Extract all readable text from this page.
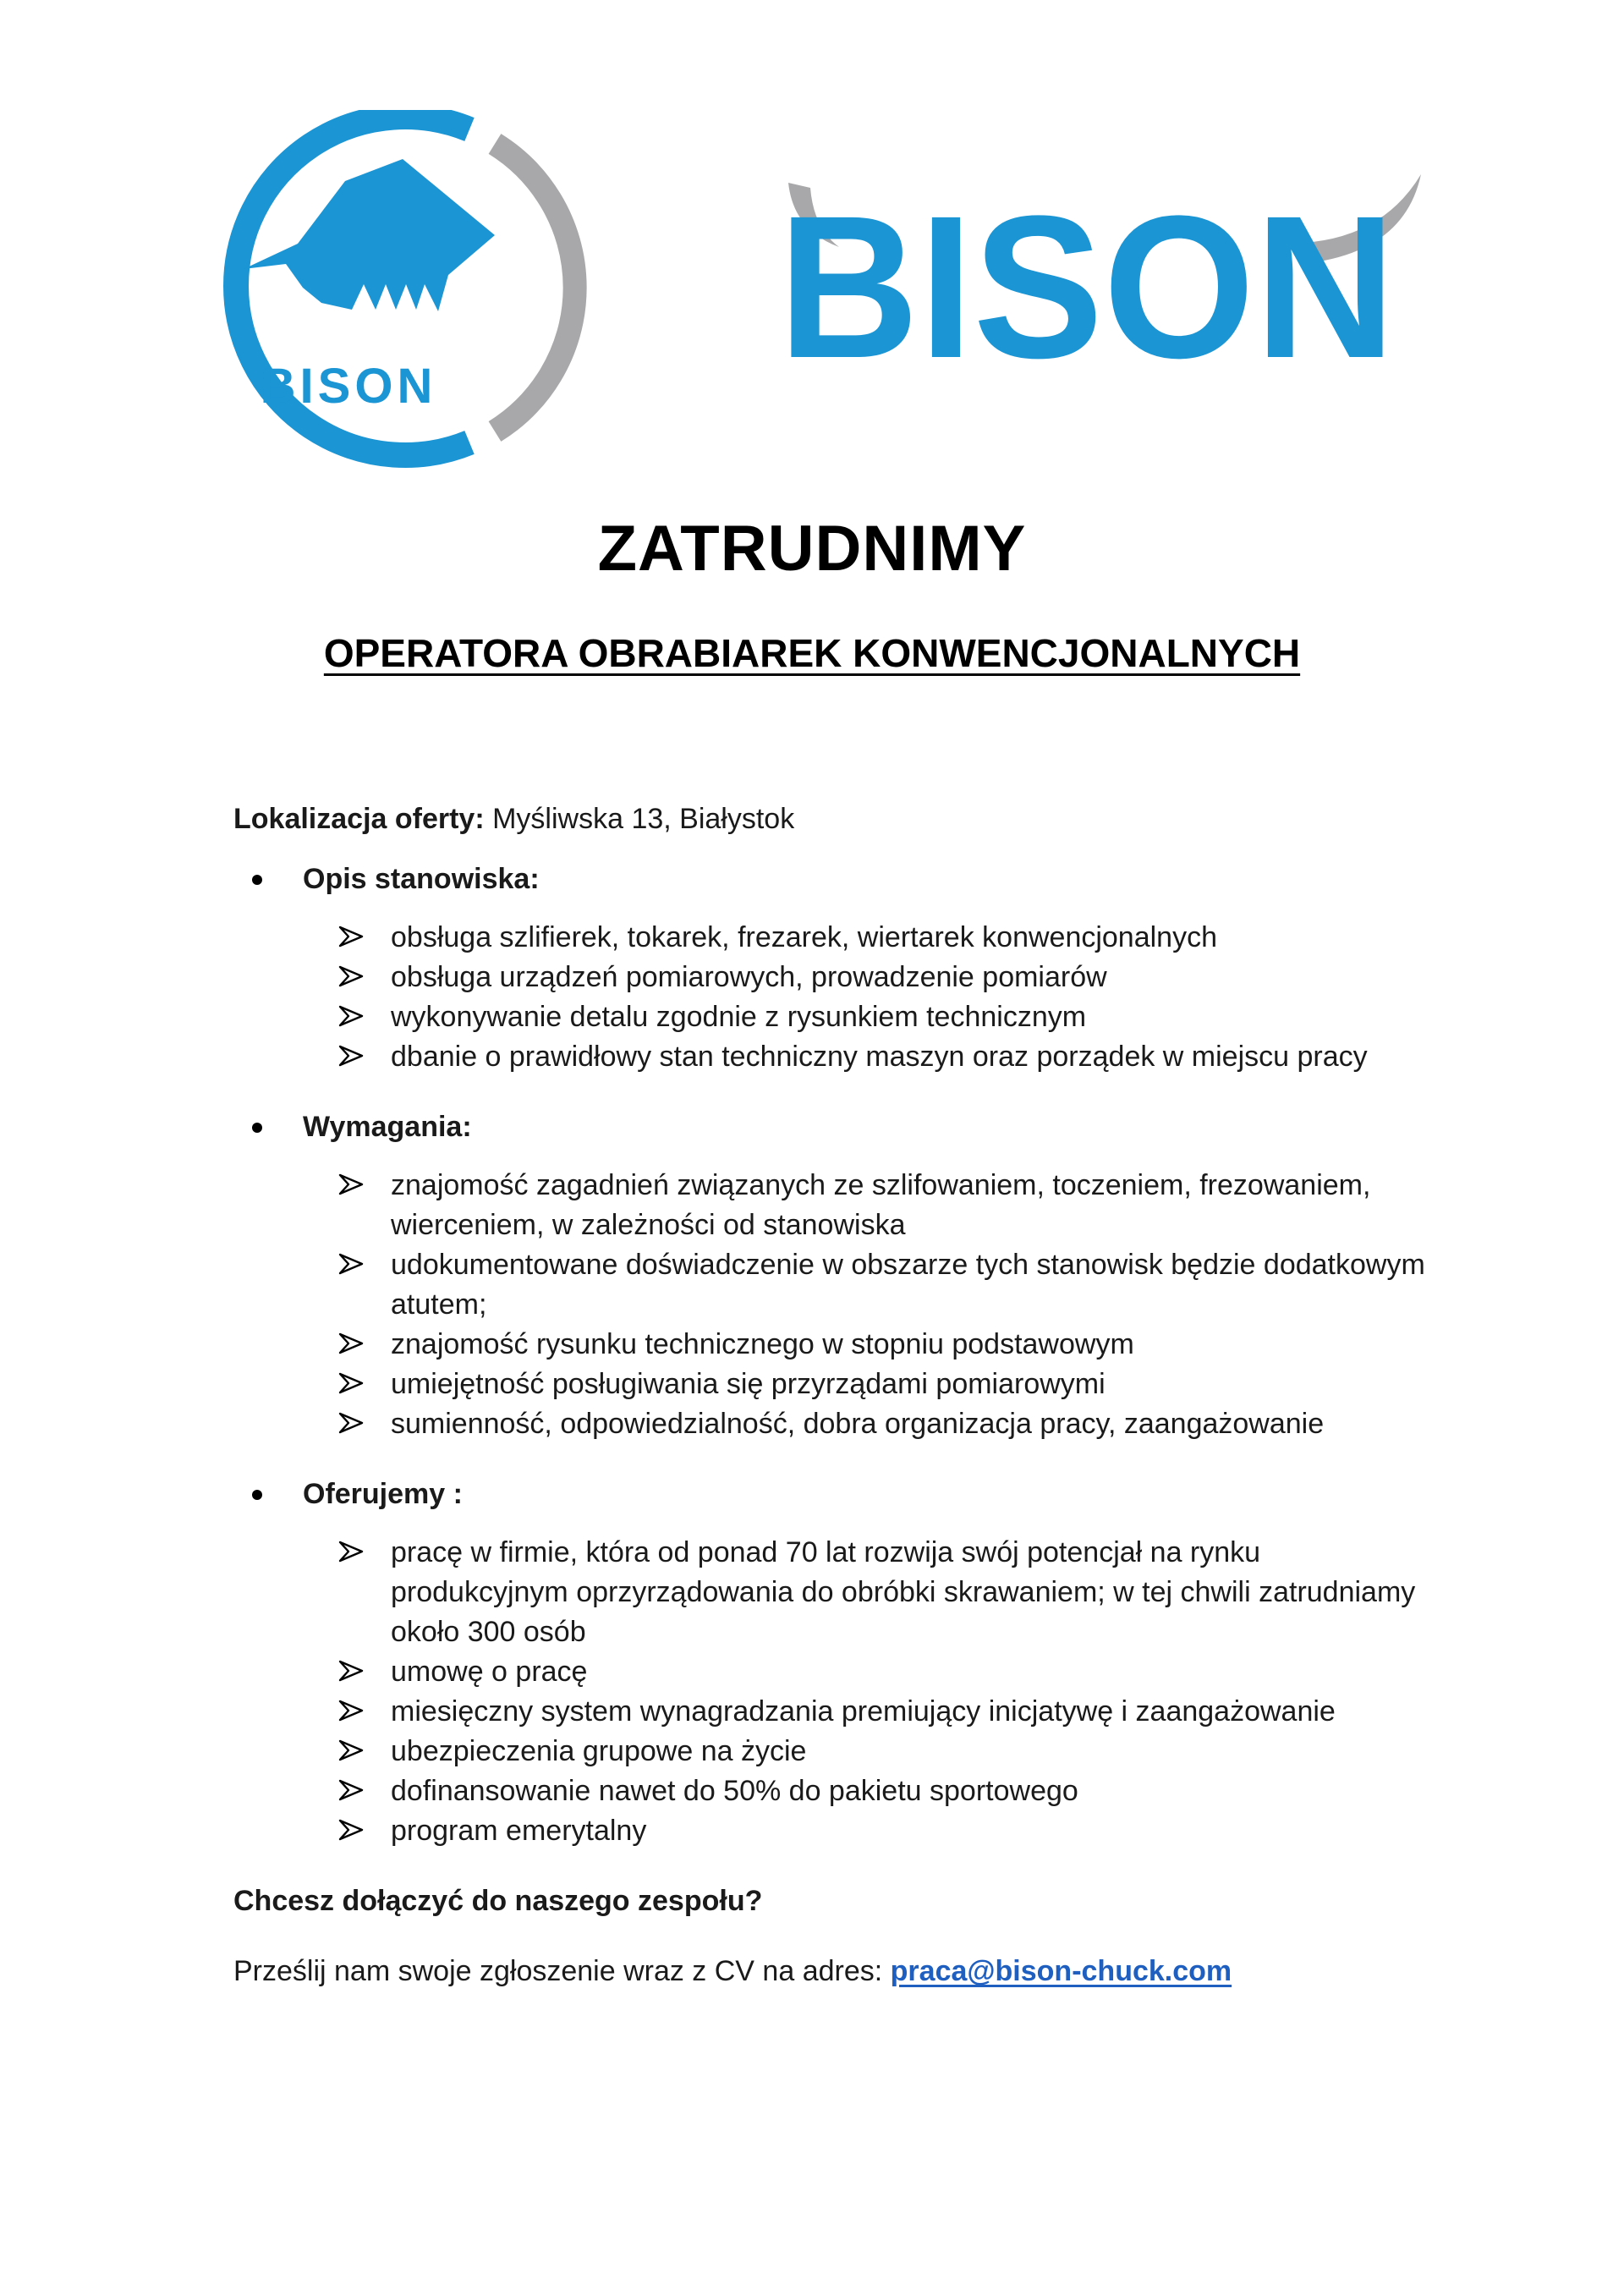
BISON BISON
ZATRUDNIMY
OPERATORA OBRABIAREK KONWENCJONALNYCH

Lokalizacja oferty: Myśliwska 13, Białystok

Opis stanowiska:
obsługa szlifierek, tokarek, frezarek, wiertarek konwencjonalnych
obsługa urządzeń pomiarowych, prowadzenie pomiarów
wykonywanie detalu zgodnie z rysunkiem technicznym
dbanie o prawidłowy stan techniczny maszyn oraz porządek w miejscu pracy
Wymagania:
znajomość zagadnień związanych ze szlifowaniem, toczeniem, frezowaniem, wierceniem, w zależności od stanowiska
udokumentowane doświadczenie w obszarze tych stanowisk będzie dodatkowym atutem;
znajomość rysunku technicznego w stopniu podstawowym
umiejętność posługiwania się przyrządami pomiarowymi
sumienność, odpowiedzialność, dobra organizacja pracy, zaangażowanie
Oferujemy :
pracę w firmie, która od ponad 70 lat rozwija swój potencjał na rynku produkcyjnym oprzyrządowania do obróbki skrawaniem; w tej chwili zatrudniamy około 300 osób
umowę o pracę
miesięczny system wynagradzania premiujący inicjatywę i zaangażowanie
ubezpieczenia grupowe na życie
dofinansowanie nawet do 50% do pakietu sportowego
program emerytalny

Chcesz dołączyć do naszego zespołu?

Prześlij nam swoje zgłoszenie wraz z CV na adres: praca@bison-chuck.com
